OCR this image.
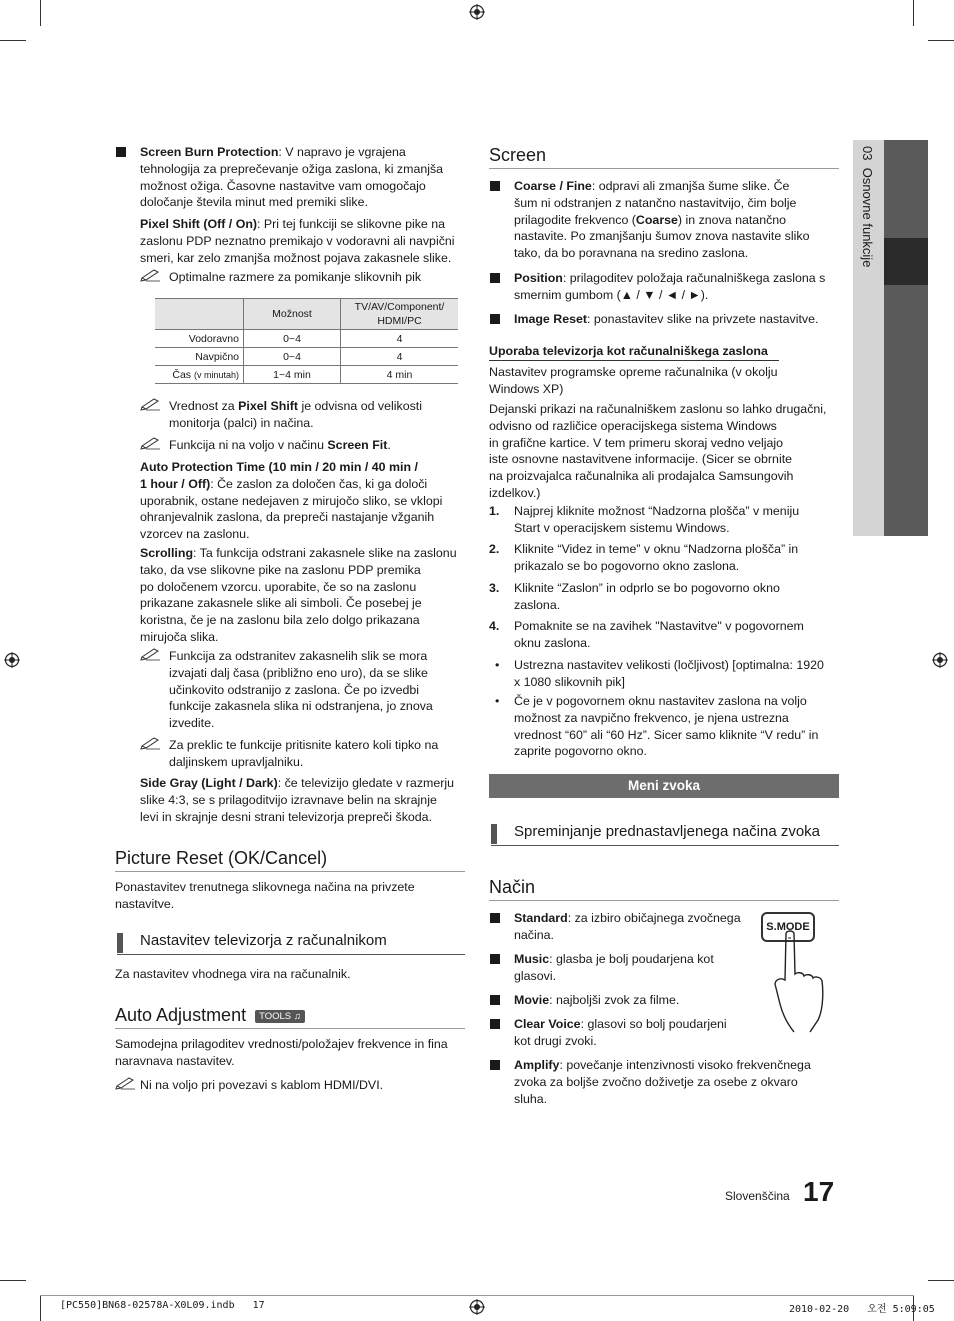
03  Osnovne funkcije
Screen Burn Protection: V napravo je vgrajena
tehnologija za preprečevanje ožiga zaslona, ki zmanjša
možnost ožiga. Časovne nastavitve vam omogočajo
določanje števila minut med premiki slike.
Pixel Shift (Off / On): Pri tej funkciji se slikovne pike na
zaslonu PDP neznatno premikajo v vodoravni ali navpični
smeri, kar zelo zmanjša možnost pojava zakasnele slike.
Optimalne razmere za pomikanje slikovnih pik
	Možnost	TV/AV/Component/ HDMI/PC
Vodoravno	0~4	4
Navpično	0~4	4
Čas (v minutah)	1~4 min	4 min
Vrednost za Pixel Shift je odvisna od velikosti
monitorja (palci) in načina.
Funkcija ni na voljo v načinu Screen Fit.
Auto Protection Time (10 min / 20 min / 40 min /
1 hour / Off): Če zaslon za določen čas, ki ga določi
uporabnik, ostane nedejaven z mirujočo sliko, se vklopi
ohranjevalnik zaslona, da prepreči nastajanje vžganih
vzorcev na zaslonu.
Scrolling: Ta funkcija odstrani zakasnele slike na zaslonu
tako, da vse slikovne pike na zaslonu PDP premika
po določenem vzorcu. uporabite, če so na zaslonu
prikazane zakasnele slike ali simboli. Če posebej je
koristna, če je na zaslonu bila zelo dolgo prikazana
mirujoča slika.
Funkcija za odstranitev zakasnelih slik se mora
izvajati dalj časa (približno eno uro), da se slike
učinkovito odstranijo z zaslona. Če po izvedbi
funkcije zakasnela slika ni odstranjena, jo znova
izvedite.
Za preklic te funkcije pritisnite katero koli tipko na
daljinskem upravljalniku.
Side Gray (Light / Dark): če televizijo gledate v razmerju
slike 4:3, se s prilagoditvijo izravnave belin na skrajnje
levi in skrajnje desni strani televizorja prepreči škoda.
Picture Reset (OK/Cancel)
Ponastavitev trenutnega slikovnega načina na privzete
nastavitve.
Nastavitev televizorja z računalnikom
Za nastavitev vhodnega vira na računalnik.
Auto Adjustment TOOLS ♫
Samodejna prilagoditev vrednosti/položajev frekvence in fina
naravnava nastavitev.
Ni na voljo pri povezavi s kablom HDMI/DVI.
Screen
Coarse / Fine: odpravi ali zmanjša šume slike. Če
šum ni odstranjen z natančno nastavitvijo, čim bolje
prilagodite frekvenco (Coarse) in znova natančno
nastavite. Po zmanjšanju šumov znova nastavite sliko
tako, da bo poravnana na sredino zaslona.
Position: prilagoditev položaja računalniškega zaslona s
smernim gumbom (▲ / ▼ / ◄ / ►).
Image Reset: ponastavitev slike na privzete nastavitve.
Uporaba televizorja kot računalniškega zaslona
Nastavitev programske opreme računalnika (v okolju
Windows XP)
Dejanski prikazi na računalniškem zaslonu so lahko drugačni,
odvisno od različice operacijskega sistema Windows
in grafične kartice. V tem primeru skoraj vedno veljajo
iste osnovne nastavitvene informacije. (Sicer se obrnite
na proizvajalca računalnika ali prodajalca Samsungovih
izdelkov.)
1. Najprej kliknite možnost “Nadzorna plošča” v meniju
Start v operacijskem sistemu Windows.
2. Kliknite “Videz in teme” v oknu “Nadzorna plošča” in
prikazalo se bo pogovorno okno zaslona.
3. Kliknite “Zaslon” in odprlo se bo pogovorno okno
zaslona.
4. Pomaknite se na zavihek "Nastavitve" v pogovornem
oknu zaslona.
• Ustrezna nastavitev velikosti (ločljivost) [optimalna: 1920
x 1080 slikovnih pik]
• Če je v pogovornem oknu nastavitev zaslona na voljo
možnost za navpično frekvenco, je njena ustrezna
vrednost “60” ali “60 Hz”. Sicer samo kliknite “V redu” in
zaprite pogovorno okno.
Meni zvoka
Spreminjanje prednastavljenega načina zvoka
Način
Standard: za izbiro običajnega zvočnega
načina.
Music: glasba je bolj poudarjena kot
glasovi.
Movie: najboljši zvok za filme.
Clear Voice: glasovi so bolj poudarjeni
kot drugi zvoki.
Amplify: povečanje intenzivnosti visoko frekvenčnega
zvoka za boljše zvočno doživetje za osebe z okvaro
sluha.
S.MODE
Slovenščina 17
[PC550]BN68-02578A-X0L09.indb   17	2010-02-20   오전 5:09:05
